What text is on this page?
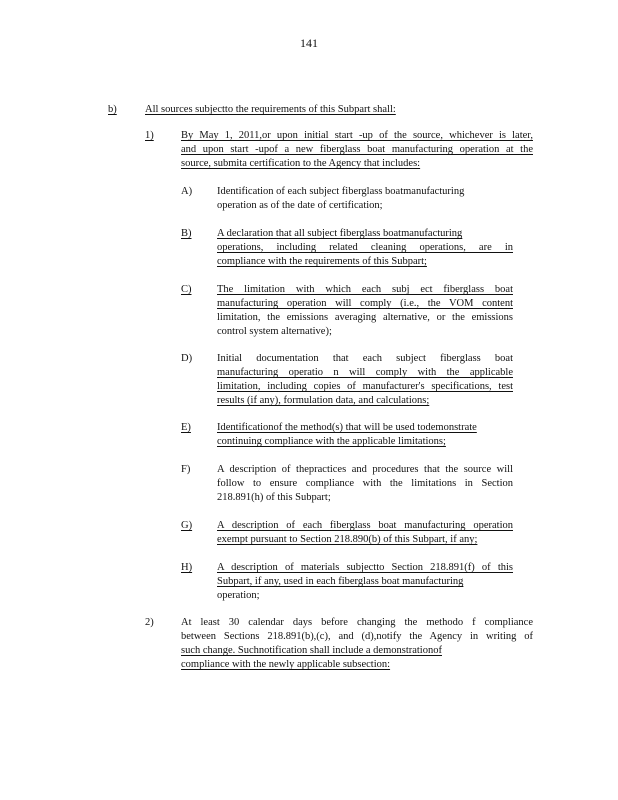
141
b)	All sources subjectto the requirements of this Subpart shall:
1)	By May 1, 2011,or upon initial start -up of the source, whichever is later,
and upon start -upof a new fiberglass boat manufacturing operation at the
source, submita certification to the Agency that includes:
A)	Identification of each subject fiberglass boatmanufacturing
operation as of the date of certification;
B)	A declaration that all subject fiberglass boatmanufacturing
operations, including related cleaning operations, are in
compliance with the requirements of this Subpart;
C)	The limitation with which each subj ect fiberglass boat
manufacturing operation will comply (i.e., the VOM content
limitation, the emissions averaging alternative, or the emissions
control system alternative);
D)	Initial documentation that each subject fiberglass boat
manufacturing operatio n will comply with the applicable
limitation, including copies of manufacturer's specifications, test
results (if any), formulation data, and calculations;
E)	Identificationof the method(s) that will be used todemonstrate
continuing compliance with the applicable limitations;
F)	A description of thepractices and procedures that the source will
follow to ensure compliance with the limitations in Section
218.891(h) of this Subpart;
G)	A description of each fiberglass boat manufacturing operation
exempt pursuant to Section 218.890(b) of this Subpart, if any;
H)	A description of materials subjectto Section 218.891(f) of this
Subpart, if any, used in each fiberglass boat manufacturing
operation;
2)	At least 30 calendar days before changing the methodo f compliance
between Sections 218.891(b),(c), and (d),notify the Agency in writing of
such change. Suchnotification shall include a demonstrationof
compliance with the newly applicable subsection:
